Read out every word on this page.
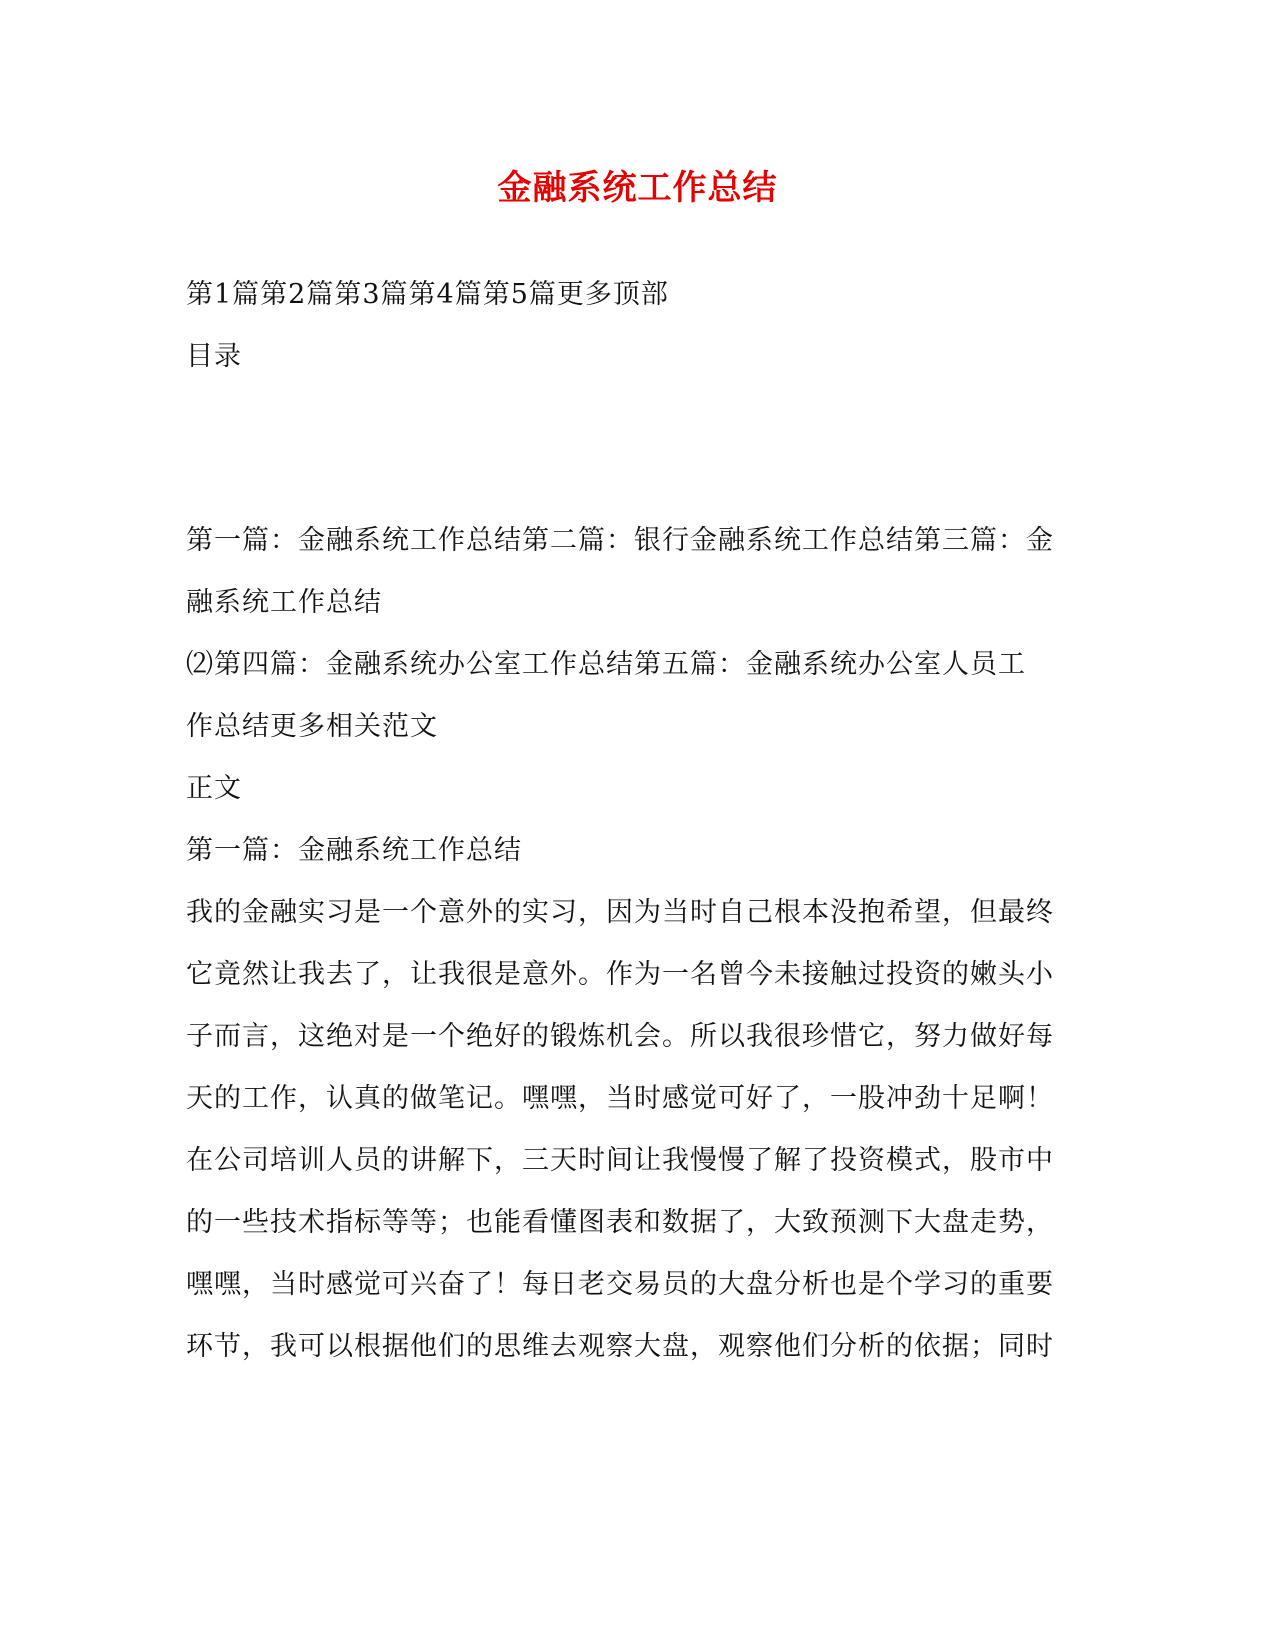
金融系统工作总结
第1篇第2篇第3篇第4篇第5篇更多顶部
目录
第一篇：金融系统工作总结第二篇：银行金融系统工作总结第三篇：金
融系统工作总结
⑵第四篇：金融系统办公室工作总结第五篇：金融系统办公室人员工
作总结更多相关范文
正文
第一篇：金融系统工作总结
我的金融实习是一个意外的实习，因为当时自己根本没抱希望，但最终
它竟然让我去了，让我很是意外。作为一名曾今未接触过投资的嫩头小
子而言，这绝对是一个绝好的锻炼机会。所以我很珍惜它，努力做好每
天的工作，认真的做笔记。嘿嘿，当时感觉可好了，一股冲劲十足啊！
在公司培训人员的讲解下，三天时间让我慢慢了解了投资模式，股市中
的一些技术指标等等；也能看懂图表和数据了，大致预测下大盘走势，
嘿嘿，当时感觉可兴奋了！每日老交易员的大盘分析也是个学习的重要
环节，我可以根据他们的思维去观察大盘，观察他们分析的依据；同时
